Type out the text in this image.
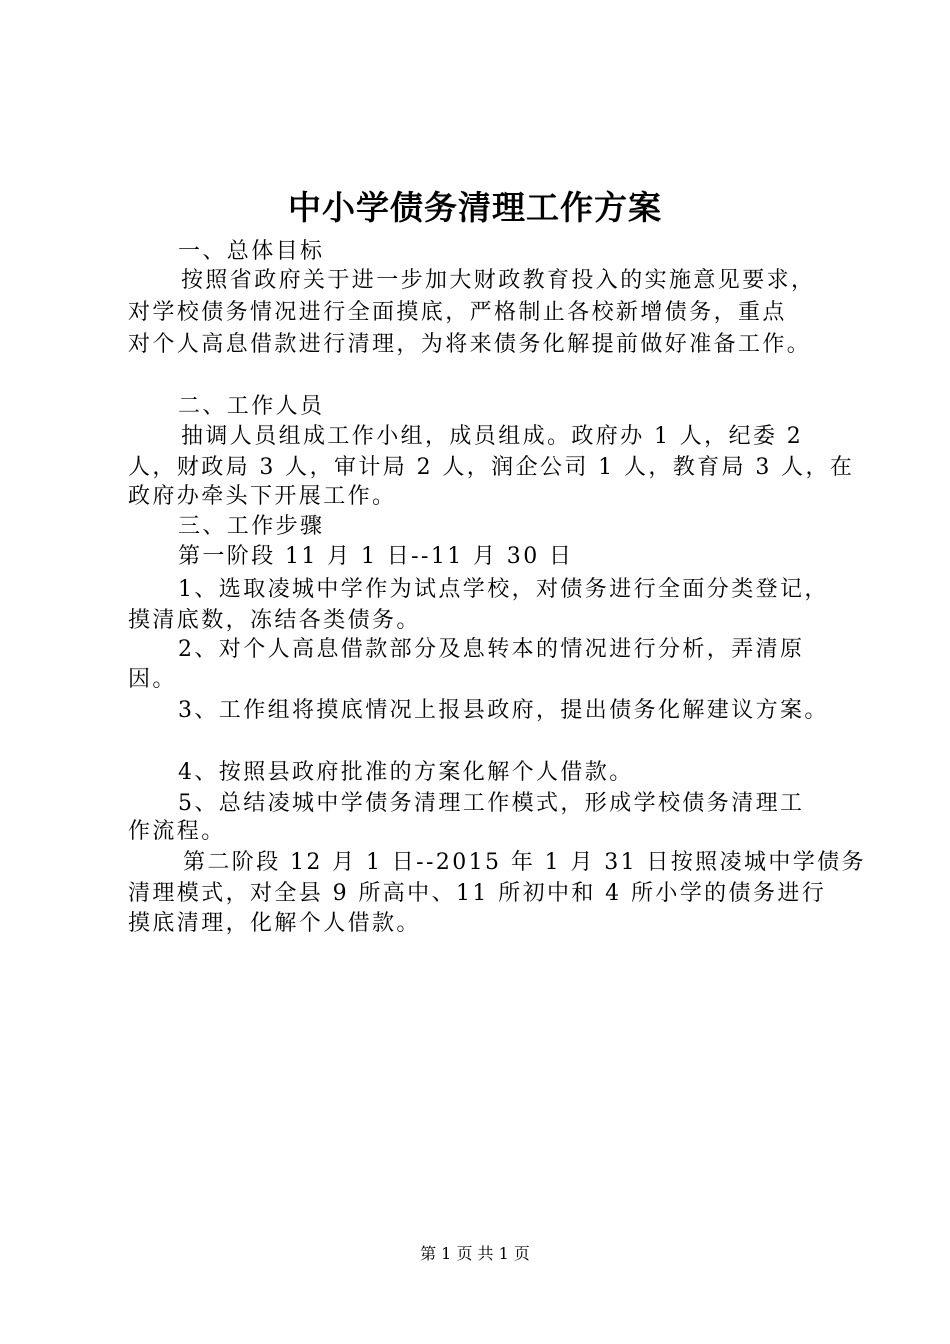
中小学债务清理工作方案
一、总体目标
按照省政府关于进一步加大财政教育投入的实施意见要求，
对学校债务情况进行全面摸底，严格制止各校新增债务，重点
对个人高息借款进行清理，为将来债务化解提前做好准备工作。
二、工作人员
抽调人员组成工作小组，成员组成。政府办 1 人，纪委 2
人，财政局 3 人，审计局 2 人，润企公司 1 人，教育局 3 人，在
政府办牵头下开展工作。
三、工作步骤
第一阶段 11 月 1 日--11 月 30 日
1、选取凌城中学作为试点学校，对债务进行全面分类登记，
摸清底数，冻结各类债务。
2、对个人高息借款部分及息转本的情况进行分析，弄清原
因。
3、工作组将摸底情况上报县政府，提出债务化解建议方案。
4、按照县政府批准的方案化解个人借款。
5、总结凌城中学债务清理工作模式，形成学校债务清理工
作流程。
第二阶段 12 月 1 日--2015 年 1 月 31 日按照凌城中学债务
清理模式，对全县 9 所高中、11 所初中和 4 所小学的债务进行
摸底清理，化解个人借款。
第 1 页 共 1 页
